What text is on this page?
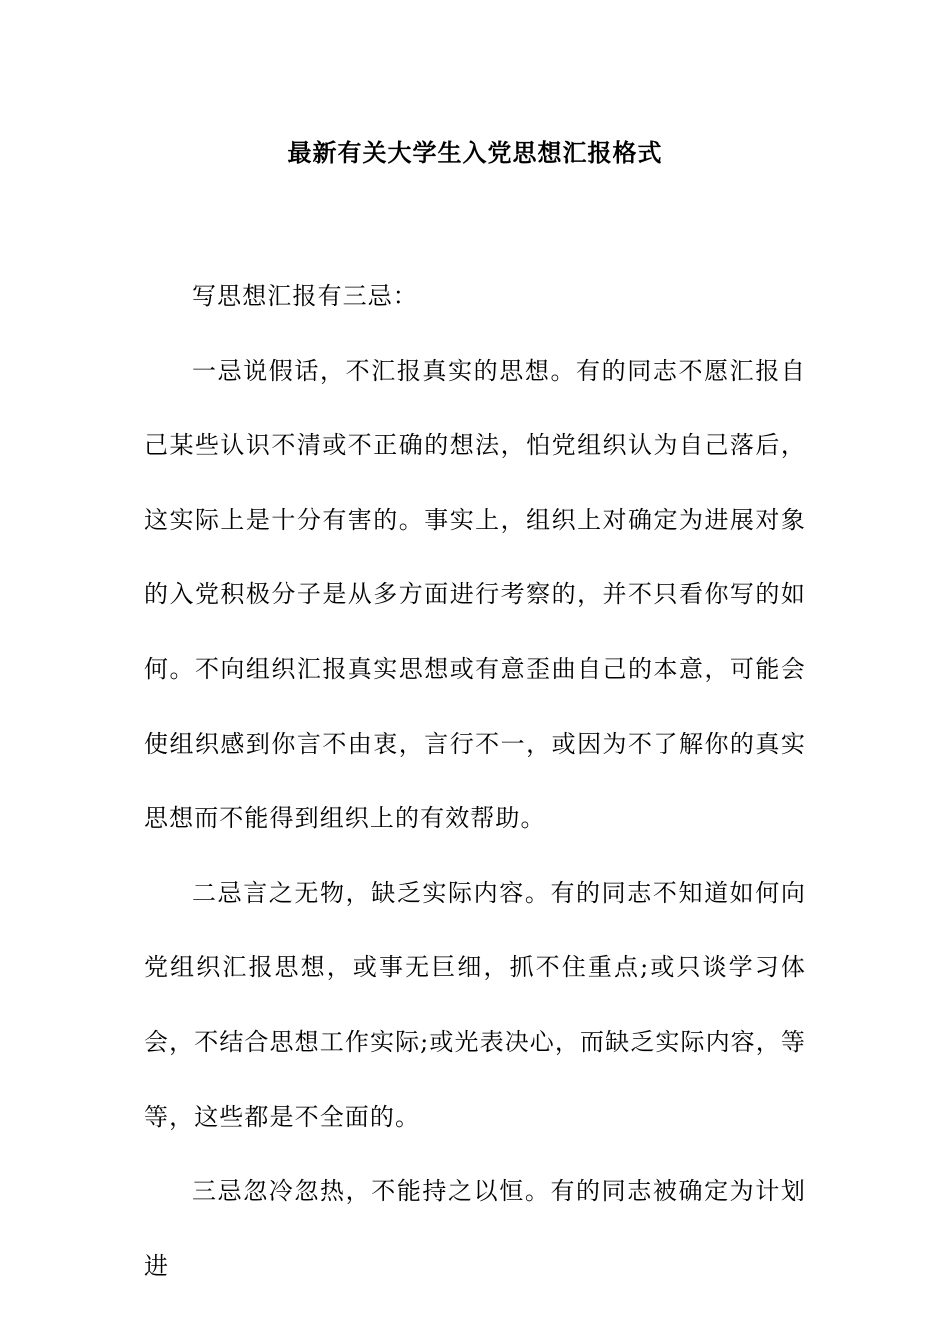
最新有关大学生入党思想汇报格式

写思想汇报有三忌：

一忌说假话，不汇报真实的思想。有的同志不愿汇报自己某些认识不清或不正确的想法，怕党组织认为自己落后，这实际上是十分有害的。事实上，组织上对确定为进展对象的入党积极分子是从多方面进行考察的，并不只看你写的如何。不向组织汇报真实思想或有意歪曲自己的本意，可能会使组织感到你言不由衷，言行不一，或因为不了解你的真实思想而不能得到组织上的有效帮助。

二忌言之无物，缺乏实际内容。有的同志不知道如何向党组织汇报思想，或事无巨细，抓不住重点;或只谈学习体会，不结合思想工作实际;或光表决心，而缺乏实际内容，等等，这些都是不全面的。

三忌忽冷忽热，不能持之以恒。有的同志被确定为计划进
